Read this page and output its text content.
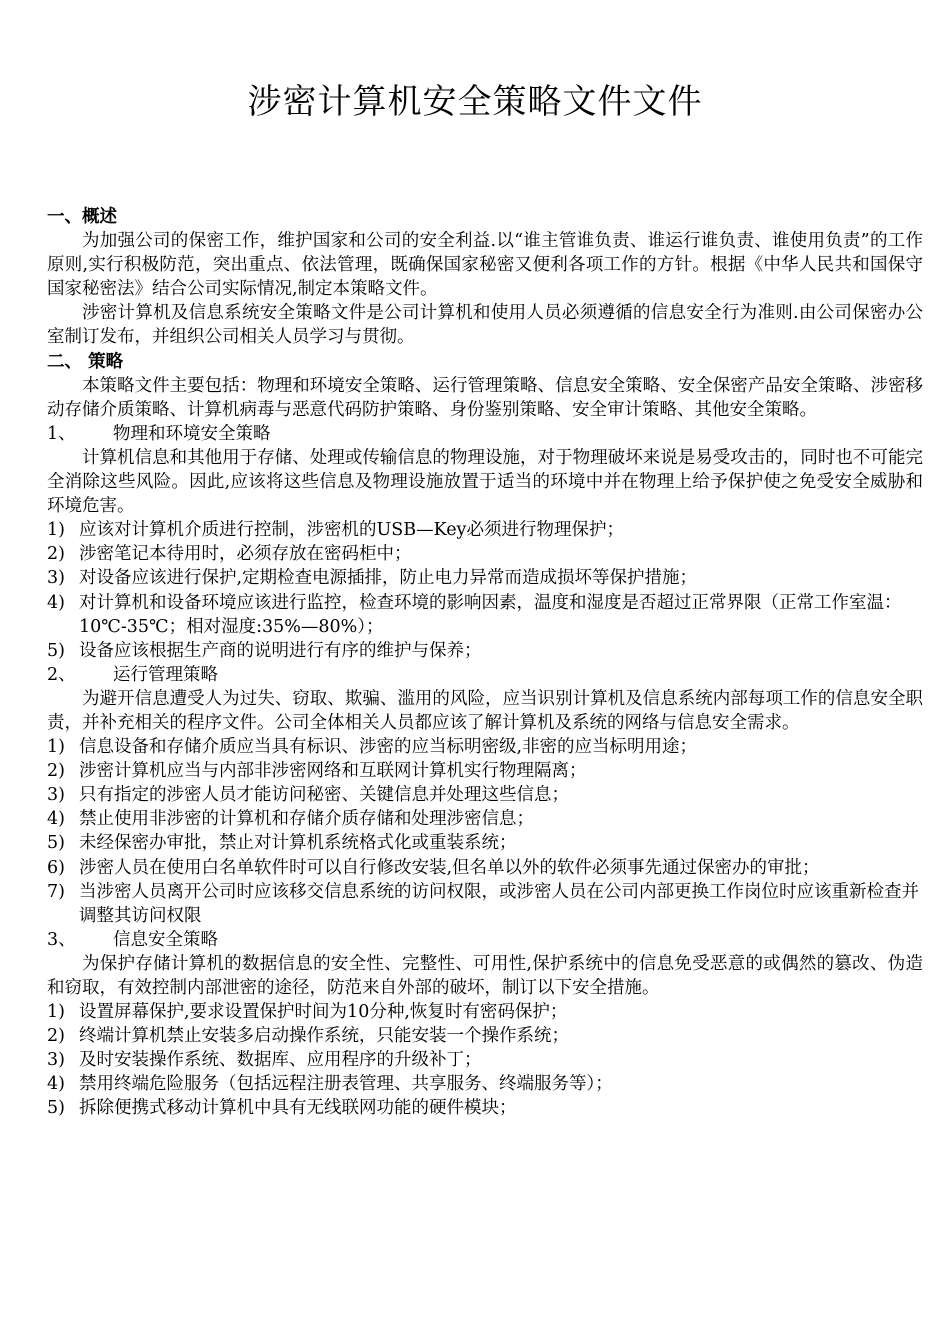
涉密计算机安全策略文件文件

一、概述

为加强公司的保密工作，维护国家和公司的安全利益.以“谁主管谁负责、谁运行谁负责、谁使用负责”的工作原则,实行积极防范，突出重点、依法管理，既确保国家秘密又便利各项工作的方针。根据《中华人民共和国保守国家秘密法》结合公司实际情况,制定本策略文件。

涉密计算机及信息系统安全策略文件是公司计算机和使用人员必须遵循的信息安全行为准则.由公司保密办公室制订发布，并组织公司相关人员学习与贯彻。

二、 策略

本策略文件主要包括：物理和环境安全策略、运行管理策略、信息安全策略、安全保密产品安全策略、涉密移动存储介质策略、计算机病毒与恶意代码防护策略、身份鉴别策略、安全审计策略、其他安全策略。

1、 物理和环境安全策略

计算机信息和其他用于存储、处理或传输信息的物理设施，对于物理破坏来说是易受攻击的，同时也不可能完全消除这些风险。因此,应该将这些信息及物理设施放置于适当的环境中并在物理上给予保护使之免受安全威胁和环境危害。

1) 应该对计算机介质进行控制，涉密机的USB—Key必须进行物理保护；

2) 涉密笔记本待用时，必须存放在密码柜中；

3) 对设备应该进行保护,定期检查电源插排，防止电力异常而造成损坏等保护措施；

4) 对计算机和设备环境应该进行监控，检查环境的影响因素，温度和湿度是否超过正常界限（正常工作室温：10℃-35℃；相对湿度:35%—80%）；

5) 设备应该根据生产商的说明进行有序的维护与保养；

2、 运行管理策略

为避开信息遭受人为过失、窃取、欺骗、滥用的风险，应当识别计算机及信息系统内部每项工作的信息安全职责，并补充相关的程序文件。公司全体相关人员都应该了解计算机及系统的网络与信息安全需求。

1) 信息设备和存储介质应当具有标识、涉密的应当标明密级,非密的应当标明用途；

2) 涉密计算机应当与内部非涉密网络和互联网计算机实行物理隔离；

3) 只有指定的涉密人员才能访问秘密、关键信息并处理这些信息；

4) 禁止使用非涉密的计算机和存储介质存储和处理涉密信息；

5) 未经保密办审批，禁止对计算机系统格式化或重装系统；

6) 涉密人员在使用白名单软件时可以自行修改安装,但名单以外的软件必须事先通过保密办的审批；

7) 当涉密人员离开公司时应该移交信息系统的访问权限，或涉密人员在公司内部更换工作岗位时应该重新检查并调整其访问权限

3、 信息安全策略

为保护存储计算机的数据信息的安全性、完整性、可用性,保护系统中的信息免受恶意的或偶然的篡改、伪造和窃取，有效控制内部泄密的途径，防范来自外部的破坏，制订以下安全措施。

1) 设置屏幕保护,要求设置保护时间为10分种,恢复时有密码保护；

2) 终端计算机禁止安装多启动操作系统，只能安装一个操作系统；

3) 及时安装操作系统、数据库、应用程序的升级补丁；

4) 禁用终端危险服务（包括远程注册表管理、共享服务、终端服务等）；

5) 拆除便携式移动计算机中具有无线联网功能的硬件模块；
